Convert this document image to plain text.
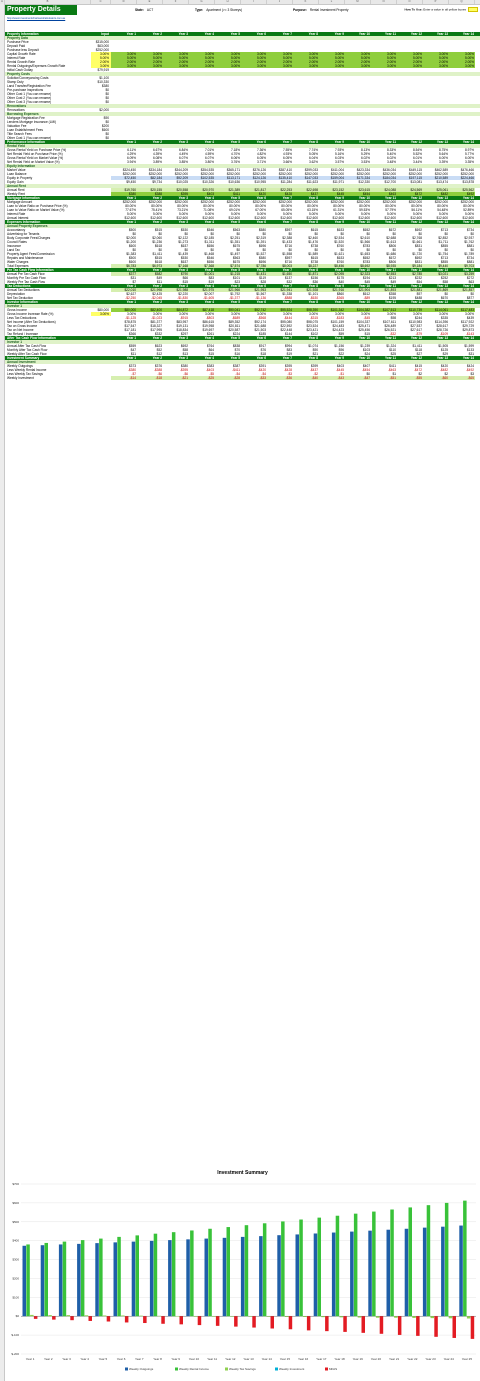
A	B	C	D	E	F	G	H	I	J	K	L	M	N	O	P	Q
Property Details	State: ACT	Type: Apartment (>= 3 Storeys)	Purpose: Rental Investment Property	How To Use: Enter a value in all yellow boxes
http://www.investmentchartsandcalculators.com.au
Property Information	Input	Year 1	Year 2	Year 3	Year 4	Year 5	Year 6	Year 7	Year 8	Year 9	Year 10	Year 11	Year 12	Year 13	Year 14
Property Data
Purchase Price	$315,000
Deposit Paid	$63,000
Purchase less Deposit	$252,000
Capital Growth Rate	3.00%	3.00%	3.00%	3.00%	3.00%	3.00%	3.00%	3.00%	3.00%	3.00%	3.00%	3.00%	3.00%	3.00%	3.00%
Interest Rate	5.00%	5.00%	5.00%	5.00%	5.00%	5.00%	5.00%	5.00%	5.00%	5.00%	5.00%	5.00%	5.00%	5.00%	5.00%
Rental Growth Rate	2.00%	2.00%	2.00%	2.00%	2.00%	2.00%	2.00%	2.00%	2.00%	2.00%	2.00%	2.00%	2.00%	2.00%	2.00%
Rental Outgoings/Expenses Growth Rate	3.00%	3.00%	3.00%	3.00%	3.00%	3.00%	3.00%	3.00%	3.00%	3.00%	3.00%	3.00%	3.00%	3.00%	3.00%
Initial Cash Outlay	$79,919
Property Costs
Solicitor/Conveyancing Costs	$1,100
Stamp Duty	$10,330
Land Transfer/Registration Fee	$380
Pre-purchase Inspections	$0
Other Cost 1 (You can rename)	$0
Other Cost 2 (You can rename)	$0
Other Cost 3 (You can rename)	$0
Renovations
Renovations	$2,000
Borrowing Expenses
Mortgage Registration Fee	$90
Lenders Mortgage Insurance (LMI)	$0
Valuation Fee	$200
Loan Establishment Fees	$600
Title Search Fees	$0
Other Cost 1 (You can rename)	$0
Performance Information	Year 1	Year 2	Year 3	Year 4	Year 5	Year 6	Year 7	Year 8	Year 9	Year 10	Year 11	Year 12	Year 13	Year 14
Rental Yield
Gross Rental Yield on Purchase Price (%)	6.11%	6.67%	6.84%	7.01%	7.18%	7.36%	7.55%	7.74%	7.93%	8.13%	8.33%	8.54%	8.75%	8.97%
Net Rental Yield on Purchase Price (%)	4.29%	4.39%	4.49%	4.59%	4.70%	4.82%	4.93%	5.05%	5.16%	5.29%	5.40%	5.52%	5.64%	5.77%
Gross Rental Yield on Market Value (%)	6.09%	6.08%	6.07%	6.07%	6.06%	6.05%	6.05%	6.04%	6.03%	6.02%	6.02%	6.01%	6.00%	6.00%
Net Rental Yield on Market Value (%)	3.94%	3.89%	3.85%	3.80%	3.76%	3.71%	3.66%	3.62%	3.57%	3.53%	3.48%	3.44%	3.39%	3.35%
Equity Information
Market Value	$324,450	$334,184	$344,209	$354,535	$365,171	$376,126	$387,410	$399,033	$411,004	$423,334	$436,034	$449,115	$462,589	$476,466
Loan Balance	$252,000	$252,000	$252,000	$252,000	$252,000	$252,000	$252,000	$252,000	$252,000	$252,000	$252,000	$252,000	$252,000	$252,000
Equity in Property	$72,450	$82,184	$92,209	$102,535	$113,171	$124,126	$135,410	$147,033	$159,004	$171,334	$184,034	$197,115	$210,589	$224,466
Equity Gain	$9,450	$9,734	$10,025	$10,326	$10,636	$10,955	$11,284	$11,623	$11,971	$12,330	$12,700	$13,081	$13,474	$13,878
Annual Rent
Annual Rent	$19,760	$20,155	$20,558	$20,970	$21,389	$21,817	$22,253	$22,698	$23,152	$23,615	$24,088	$24,569	$25,061	$25,562
Weekly Rent	$380	$388	$395	$403	$411	$420	$428	$437	$445	$454	$463	$472	$482	$492
Mortgage Information	Year 1	Year 2	Year 3	Year 4	Year 5	Year 6	Year 7	Year 8	Year 9	Year 10	Year 11	Year 12	Year 13	Year 14
Mortgage Amount	$252,000	$252,000	$252,000	$252,000	$252,000	$252,000	$252,000	$252,000	$252,000	$252,000	$252,000	$252,000	$252,000	$252,000
Loan to Value Ratio on Purchase Price (%)	80.00%	80.00%	80.00%	80.00%	80.00%	80.00%	80.00%	80.00%	80.00%	80.00%	80.00%	80.00%	80.00%	80.00%
Loan to Value Ratio on Market Value (%)	77.67%	75.41%	73.21%	71.08%	69.01%	67.00%	65.05%	63.15%	61.31%	59.53%	57.79%	56.11%	54.48%	52.89%
Interest Rate	5.00%	5.00%	5.00%	5.00%	5.00%	5.00%	5.00%	5.00%	5.00%	5.00%	5.00%	5.00%	5.00%	5.00%
Annual Interest	$12,600	$12,600	$12,600	$12,600	$12,600	$12,600	$12,600	$12,600	$12,600	$12,600	$12,600	$12,600	$12,600	$12,600
Expenses Information	Year 1	Year 2	Year 3	Year 4	Year 5	Year 6	Year 7	Year 8	Year 9	Year 10	Year 11	Year 12	Year 13	Year 14
Annual Property Expenses
Accountancy	$500	$515	$530	$546	$563	$580	$597	$615	$633	$652	$672	$692	$713	$734
Advertising for Tenants	$0	$0	$0	$0	$0	$0	$0	$0	$0	$0	$0	$0	$0	$0
Body Corporate Fees/Charges	$2,000	$2,060	$2,122	$2,185	$2,251	$2,319	$2,388	$2,460	$2,534	$2,610	$2,688	$2,768	$2,852	$2,937
Council Rates	$1,200	$1,236	$1,273	$1,311	$1,351	$1,391	$1,433	$1,476	$1,520	$1,566	$1,613	$1,661	$1,711	$1,762
Insurance	$600	$618	$637	$656	$675	$696	$716	$738	$760	$783	$806	$831	$855	$881
Land Tax	$0	$0	$0	$0	$0	$0	$0	$0	$0	$0	$0	$0	$0	$0
Property Agent Fees/Commission	$1,383	$1,411	$1,439	$1,468	$1,497	$1,527	$1,558	$1,589	$1,621	$1,653	$1,686	$1,720	$1,754	$1,789
Repairs and Maintenance	$500	$515	$530	$546	$563	$580	$597	$615	$633	$652	$672	$692	$713	$734
Water Charges	$600	$618	$637	$656	$675	$696	$716	$738	$760	$783	$806	$831	$855	$881
Total Expenses	$6,783	$6,973	$7,168	$7,368	$7,574	$7,786	$8,003	$8,227	$8,456	$8,692	$8,935	$9,184	$9,440	$9,703
Pre Tax Cash Flow Information	Year 1	Year 2	Year 3	Year 4	Year 5	Year 6	Year 7	Year 8	Year 9	Year 10	Year 11	Year 12	Year 13	Year 14
Annual Pre Tax Cash Flow	$377	$582	$790	$1,001	$1,215	$1,431	$1,650	$1,871	$2,095	$2,323	$2,553	$2,785	$3,021	$3,259
Monthly Pre Tax Cash Flow	$31	$49	$66	$83	$101	$119	$137	$156	$175	$194	$213	$232	$252	$272
Weekly Pre Tax Cash Flow	$7	$11	$15	$19	$23	$28	$32	$36	$40	$45	$49	$54	$58	$63
Tax Deductions	Year 1	Year 2	Year 3	Year 4	Year 5	Year 6	Year 7	Year 8	Year 9	Year 10	Year 11	Year 12	Year 13	Year 14
Annual Tax Deductions	$22,010	$21,998	$21,988	$21,975	$21,966	$21,953	$21,941	$21,928	$21,916	$21,904	$21,893	$21,881	$21,869	$21,857
Depreciation	$2,627	$2,425	$2,220	$2,007	$1,792	$1,567	$1,338	$1,101	$860	$612	$358	$97	$0	$0
Net Tax Deduction	-$2,250	-$2,045	-$1,830	-$1,605	-$1,377	-$1,136	-$888	-$630	-$365	-$89	$195	$488	$670	$877
Investor Information	Year 1	Year 2	Year 3	Year 4	Year 5	Year 6	Year 7	Year 8	Year 9	Year 10	Year 11	Year 12	Year 13	Year 14
Investor 1
Gross Income	$80,000	$80,000	$82,400	$84,872	$87,418	$90,041	$92,742	$95,524	$98,390	$101,342	$104,382	$107,513	$110,739	$114,061	$117,483
Gross Income Increase Rate (%)	3.00%	3.00%	3.00%	3.00%	3.00%	3.00%	3.00%	3.00%	3.00%	3.00%	3.00%	3.00%	3.00%	3.00%	3.00%
Less Tax Deductions	-$1,125	-$1,023	-$915	-$803	-$689	-$568	-$444	-$315	-$183	-$45	$98	$244	$335	$439
Net Income (After Tax Deductions)	$78,875	$81,377	$83,957	$86,615	$89,352	$92,174	$95,080	$98,075	$101,159	$104,337	$107,611	$110,983	$114,396	$117,922
Tax on Gross Income	$17,547	$18,327	$19,131	$19,958	$20,811	$21,688	$22,592	$23,524	$24,483	$25,471	$26,489	$27,537	$28,617	$29,729
Tax on Net Income	$17,181	$17,995	$18,834	$19,697	$20,587	$21,503	$22,448	$23,421	$24,423	$25,456	$26,521	$27,617	$28,726	$29,873
Tax Refund / Increase	$366	$332	$297	$261	$224	$185	$144	$102	$59	$15	-$32	-$79	-$109	-$143
After Tax Cash Flow Information	Year 1	Year 2	Year 3	Year 4	Year 5	Year 6	Year 7	Year 8	Year 9	Year 10	Year 11	Year 12	Year 13	Year 14
Investor 1
Annual After Tax Cash Flow	$559	$623	$692	$764	$838	$917	$994	$1,074	$1,156	$1,239	$1,324	$1,411	$1,505	$1,599
Monthly After Tax Cash Flow	$47	$52	$58	$64	$70	$76	$83	$90	$96	$103	$110	$118	$125	$133
Weekly After Tax Cash Flow	$11	$12	$13	$15	$16	$18	$19	$21	$22	$24	$25	$27	$29	$31
Investment Summary	Year 1	Year 2	Year 3	Year 4	Year 5	Year 6	Year 7	Year 8	Year 9	Year 10	Year 11	Year 12	Year 13	Year 14
Annual Investment
Weekly Outgoings	$373	$376	$380	$383	$387	$391	$395	$399	$403	$407	$411	$415	$420	$424
Less Weekly Rental Income	-$380	-$388	-$395	-$403	-$411	-$420	-$428	-$437	-$445	-$454	-$463	-$472	-$482	-$492
Less Weekly Tax Savings	-$7	-$6	-$6	-$5	-$4	-$4	-$3	-$2	-$1	$0	$1	$2	$2	$3
Weekly Investment	-$14	-$18	-$21	-$25	-$28	-$33	-$36	-$40	-$43	-$47	-$51	-$55	-$60	-$65
Investment Summary
$-200
$-100
$0
$100
$200
$300
$400
$500
$600
$700
Year 1	Year 2	Year 3	Year 4	Year 5	Year 6	Year 7	Year 8	Year 9	Year 10	Year 11	Year 12	Year 13	Year 14	Year 15	Year 16	Year 17	Year 18	Year 19	Year 20	Year 21	Year 22	Year 23	Year 24	Year 25
Weekly Outgoings	Weekly Rental Income	Weekly Tax Savings	Weekly Investment	MFAS
